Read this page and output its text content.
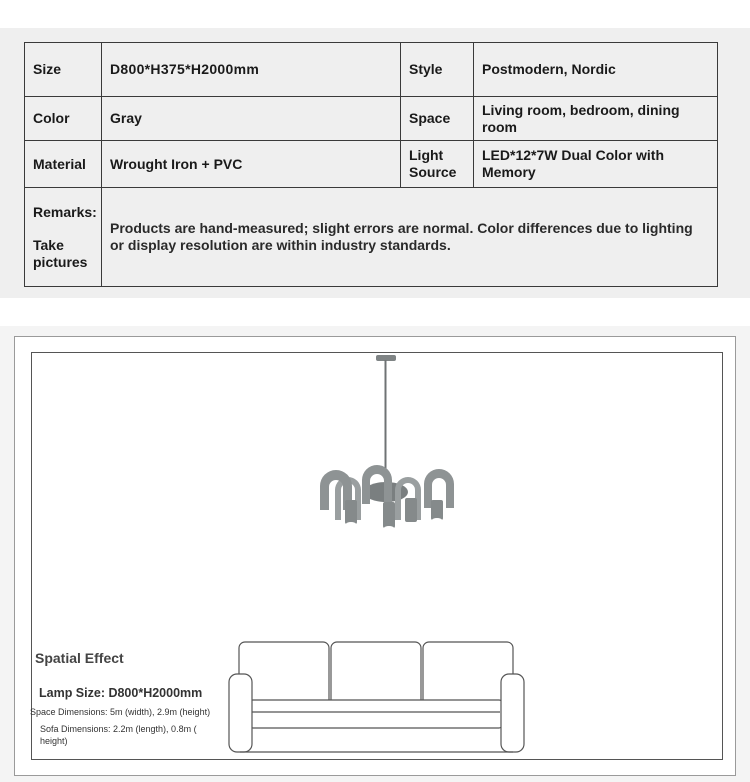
Size	D800*H375*H2000mm	Style	Postmodern, Nordic
Color	Gray	Space	Living room, bedroom, dining room
Material	Wrought Iron + PVC	Light Source	LED*12*7W Dual Color with Memory
Remarks:
Take pictures	Products are hand-measured; slight errors are normal. Color differences due to lighting or display resolution are within industry standards.		
Spatial Effect
Lamp Size: D800*H2000mm
Space Dimensions: 5m (width), 2.9m (height)
Sofa Dimensions: 2.2m (length), 0.8m ( height)
